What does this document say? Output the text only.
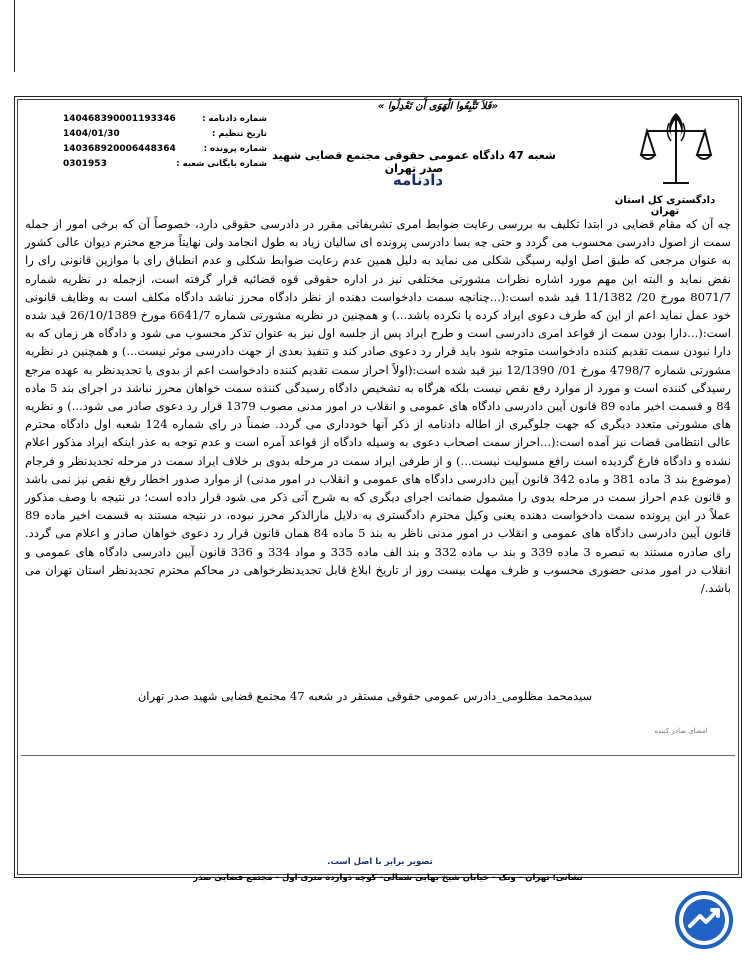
دادگستری کل استان تهران
«فَلاَ تَتَّبِعُوا الْهَوَى أَن تَعْدِلُوا »
شعبه 47 دادگاه عمومی حقوقی مجتمع قضایی شهید صدر تهران
دادنامه
140468390001193346	شماره دادنامه :
1404/01/30	تاریخ تنظیم :
140368920006448364	شماره پرونده :
0301953	شماره بایگانی شعبه :
چه آن که مقام قضایی در ابتدا تکلیف به بررسی رعایت ضوابط امری تشریفاتی مقرر در دادرسی حقوقی دارد، خصوصاً آن که برخی امور از جمله سمت از اصول دادرسی محسوب می گردد و حتی چه بسا دادرسی پرونده ای سالیان زیاد به طول انجامد ولی نهایتاً مرجع محترم دیوان عالی کشور به عنوان مرجعی که طبق اصل اولیه رسیگی شکلی می نماید به دلیل همین عدم رعایت ضوابط شکلی و عدم انطباق رای با موازین قانونی رای را نقض نماید و البته این مهم مورد اشاره نظرات مشورتی مختلفی نیز در اداره حقوقی قوه قضائیه قرار گرفته است، ازجمله در نظریه شماره 8071/7 مورخ 20/ 11/1382 قید شده است:(...چنانچه سمت دادخواست دهنده از نظر دادگاه محرز نباشد دادگاه مکلف است به وظایف قانونی خود عمل نماید اعم از این که طرف دعوی ایراد کرده یا نکرده باشد...) و همچنین در نظریه مشورتی شماره 6641/7 مورخ 26/10/1389 قید شده است:(...دارا بودن سمت از قواعد امری دادرسی است و طرح ایراد پس از جلسه اول نیز به عنوان تذکر محسوب می شود و دادگاه هر زمان که به دارا نبودن سمت تقدیم کننده دادخواست متوجه شود باید قرار رد دعوی صادر کند و تنفیذ بعدی از جهت دادرسی موثر نیست...) و همچنین در نظریه مشورتی شماره 4798/7 مورخ 01/ 12/1390 نیز قید شده است:(اولاً احراز سمت تقدیم کننده دادخواست اعم از بدوی یا تجدیدنظر به عهده مرجع رسیدگی کننده است و مورد از موارد رفع نقص نیست بلکه هرگاه به تشخیص دادگاه رسیدگی کننده سمت خواهان محرز نباشد در اجرای بند 5 ماده 84 و قسمت اخیر ماده 89 قانون آیین دادرسی دادگاه های عمومی و انقلاب در امور مدنی مصوب 1379 قرار رد دعوی صادر می شود...) و نظریه های مشورتی متعدد دیگری که جهت جلوگیری از اطاله دادنامه از ذکر آنها خودداری می گردد. ضمناً در رای شماره 124 شعبه اول دادگاه محترم عالی انتظامی قضات نیز آمده است:(...احراز سمت اصحاب دعوی به وسیله دادگاه از قواعد آمره است و عدم توجه به عذر اینکه ایراد مذکور اعلام نشده و دادگاه فارغ گردیده است رافع مسولیت نیست...) و از طرفی ایراد سمت در مرحله بدوی بر خلاف ایراد سمت در مرحله تجدیدنظر و فرجام (موضوع بند 3 ماده 381 و ماده 342 قانون آیین دادرسی دادگاه های عمومی و انقلاب در امور مدنی) از موارد صدور اخطار رفع نقص نیز نمی باشد و قانون عدم احراز سمت در مرحله بدوی را مشمول ضمانت اجرای دیگری که به شرح آتی ذکر می شود قرار داده است؛ در نتیجه با وصف مذکور عملاً در این پرونده سمت دادخواست دهنده یعنی وکیل محترم دادگستری به دلایل مارالذکر محرز نبوده، در نتیجه مستند به قسمت اخیر ماده 89 قانون آیین دادرسی دادگاه های عمومی و انقلاب در امور مدنی ناظر به بند 5 ماده 84 همان قانون قرار رد دعوی خواهان صادر و اعلام می گردد. رای صادره مستند به تبصره 3 ماده 339 و بند ب ماده 332 و بند الف ماده 335 و مواد 334 و 336 قانون آیین دادرسی دادگاه های عمومی و انقلاب در امور مدنی حضوری محسوب و ظرف مهلت بیست روز از تاریخ ابلاغ قابل تجدیدنظرخواهی در محاکم محترم تجدیدنظر استان تهران می باشد./
سیدمحمد مظلومی_دادرس عمومی حقوقی مستقر در شعبه 47 مجتمع قضایی شهید صدر تهران
امضای صادر کننده
تصویر برابر با اصل است.
نشانی: تهران - ونک - خیابان شیخ بهایی شمالی- کوچه دوازده متری اول - مجتمع قضایی صدر
